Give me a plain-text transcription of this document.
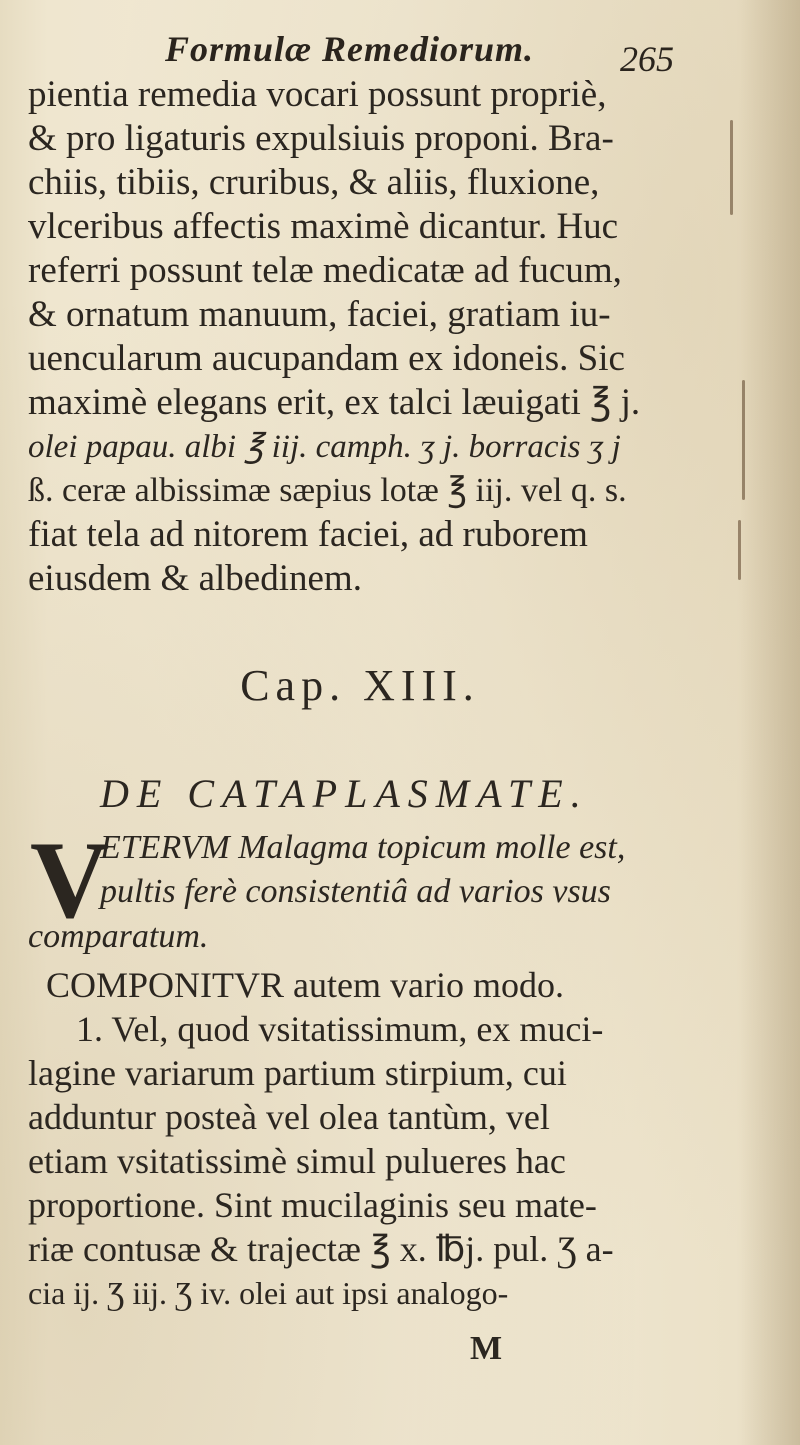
Formulæ Remediorum. 265
pientia remedia vocari possunt propriè,
& pro ligaturis expulsiuis proponi. Bra-
chiis, tibiis, cruribus, & aliis, fluxione,
vlceribus affectis maximè dicantur. Huc
referri possunt telæ medicatæ ad fucum,
& ornatum manuum, faciei, gratiam iu-
uencularum aucupandam ex idoneis. Sic
maximè elegans erit, ex talci læuigati ℥ j.
olei papau. albi ℥ iij. camph. ʒ j. borracis ʒ j
ß. ceræ albissimæ sæpius lotæ ℥ iij. vel q. s.
fiat tela ad nitorem faciei, ad ruborem
eiusdem & albedinem.
Cap. XIII.
DE CATAPLASMATE.
V
ETERVM Malagma topicum molle est,
pultis ferè consistentiâ ad varios vsus
comparatum.
COMPONITVR autem vario modo.
1. Vel, quod vsitatissimum, ex muci-
lagine variarum partium stirpium, cui
adduntur posteà vel olea tantùm, vel
etiam vsitatissimè simul pulueres hac
proportione. Sint mucilaginis seu mate-
riæ contusæ & trajectæ ℥ x. ℔j. pul. Ʒ a-
cia ij. Ʒ iij. Ʒ iv. olei aut ipsi analogo-
M
